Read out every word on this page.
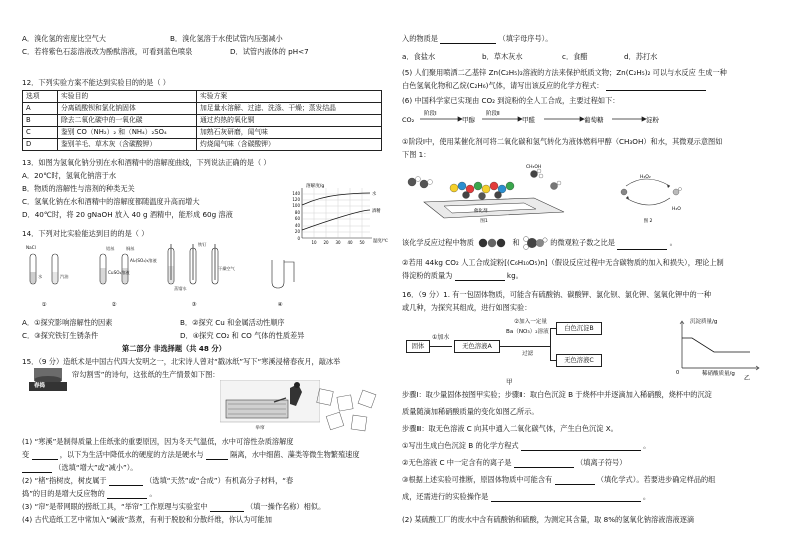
A．溴化氢的密度比空气大	B．溴化氢溶于水使试管内压强减小
C．若将紫色石蕊溶液改为酚酞溶液，可看到蓝色喷泉	D．试管内液体的 pH<7
12．下列实验方案不能达到实验目的的是（ ）
选项	实验目的	实验方案
A	分离硫酸钡和氯化钠固体	加足量水溶解、过滤、洗涤、干燥；蒸发结晶
B	除去二氧化碳中的一氧化碳	通过灼热的氧化铜
C	鉴别 CO（NH₂）₂ 和（NH₄）₂SO₄	加熟石灰研磨，闻气味
D	鉴别羊毛、草木灰（含碳酸钾）	灼烧闻气味（含碳酸钾）
13．如图为氢氧化钠分别在水和酒精中的溶解度曲线，下列说法正确的是（ ）
A．20℃时，氢氧化钠溶于水
B．物质的溶解性与溶剂的种类无关
C．氢氧化钠在水和酒精中的溶解度都随温度升高而增大
D．40℃时，将 20 gNaOH 放入 40 g 酒精中，能形成 60g 溶液
溶解度/g
140
120
100
80
60
40
20
0
10 20 30 40 50 温度/℃
水
酒精
14．下列对比实验能达到目的的是（ ）
NaCl
水	汽油
CuSO₄溶液
Al₂(SO₄)₃溶液
铝丝	铜丝
蒸馏水
干燥空气
铁钉
①	②	③	④
A．①探究影响溶解性的因素	B．②探究 Cu 和金属活动性顺序
C．③探究铁钉生锈条件	D．④探究 CO₂ 和 CO 气体的性质差异
第二部分 非选择题（共 48 分）
15．（9 分）造纸术是中国古代四大发明之一，北宋诗人曾对“戳冰纸”写下“寒溪浸楮春夜月，敲冰举
帘勾割雪”的诗句，这张纸的生产情景如下图：
春捣
举帘
(1) “寒溪”是制得质量上佳纸张的重要原因，因为冬天气温低，水中可溶性杂质溶解度
变	，以下为生活中降低水的硬度的方法是硬水与	隔离，水中细菌、藻类等微生物繁殖速度
（选填“增大”或“减小”）。
(2) “楮”指树皮，树皮属于	（选填“天然”或“合成”）有机高分子材料，“春
捣”的目的是增大反应物的	。
(3) “帘”是带网眼的捞纸工具，“举帘”工作原理与实验室中	（填一操作名称）相似。
(4) 古代造纸工艺中常加入“碱液”蒸煮，有利于脱胶和分散纤维，你认为可能加
入的物质是	（填字母序号）。
a．食盐水	b．草木灰水	c．食醋	d．苏打水
(5) 人们聚用喷洒二乙基锌 Zn(C₂H₅)₂溶液的方法来保护纸质文物；Zn(C₂H₅)₂ 可以与水反应 生成一种
白色氢氧化物和乙烷(C₂H₆)气体，请写出该反应的化学方程式：
(6) 中国科学家已实现由 CO₂ 到淀粉的全人工合成，主要过程如下：
CO₂
阶段Ⅰ
甲醇
阶段Ⅱ
甲醛	葡萄糖	淀粉
①阶段Ⅰ中，使用某催化剂可将二氧化碳和氢气转化为液体燃料甲醇（CH₃OH）和水，其微观示意图如
下图 1：
催化剂
CH₃OH
图1
H₂O₂
H₂O
图 2
该化学反应过程中物质	和	的微观粒子数之比是	。
②若用 44kg CO₂ 人工合成淀粉[(C₆H₁₀O₅)n]（假设反应过程中无含碳物质的加入和损失），理论上制
得淀粉的质量为	kg。
16．（9 分）1. 有一包固体物质，可能含有硫酸钠、碳酸钾、氯化钡、氯化钾、氢氧化钾中的一种
或几种，为探究其组成，进行如图实验：
固体
①加水
无色溶液A
②加入一定量
Ba（NO₃）₂溶液
过滤
白色沉淀B
无色溶液C
甲
沉淀质量/g
0	稀硝酸质量/g
乙
步骤Ⅰ：取少量固体按图甲实验；步骤Ⅱ：取白色沉淀 B 于烧杯中并逐滴加入稀硝酸，烧杯中的沉淀
质量随滴加稀硝酸质量的变化如图乙所示。
步骤Ⅲ：取无色溶液 C 向其中通入二氧化碳气体，产生白色沉淀 X。
①写出生成白色沉淀 B 的化学方程式	。
②无色溶液 C 中一定含有的离子是	（填离子符号）
③根据上述实验可推断，原固体物质中可能含有	（填化学式）。若要进步确定样品的组
成，还需进行的实验操作是	。
(2) 某硫酸工厂的废水中含有硫酸钠和硫酸，为测定其含量，取 8%的氢氧化钠溶液溶液逐滴
